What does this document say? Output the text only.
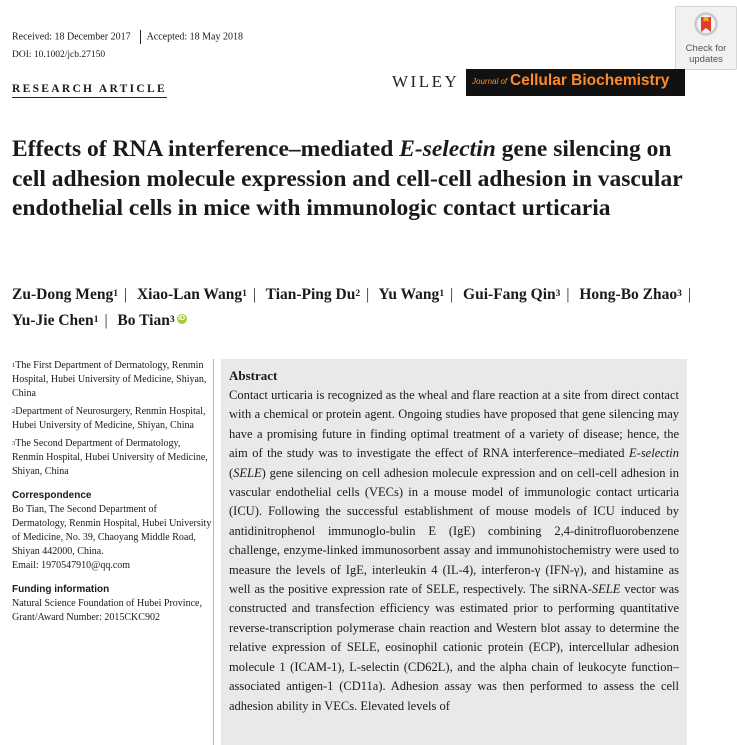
Received: 18 December 2017 Accepted: 18 May 2018
DOI: 10.1002/jcb.27150
Check for
updates
RESEARCH ARTICLE	WILEY Journal of Cellular Biochemistry
Effects of RNA interference–mediated E-selectin gene silencing on cell adhesion molecule expression and cell-cell adhesion in vascular endothelial cells in mice with immunologic contact urticaria
Zu-Dong Meng$^1$ | Xiao-Lan Wang$^1$ | Tian-Ping Du$^2$ | Yu Wang$^1$ | Gui-Fang Qin$^3$ | Hong-Bo Zhao$^3$ | Yu-Jie Chen$^1$ | Bo Tian$^3$ iD
$^1$The First Department of Dermatology, Renmin Hospital, Hubei University of Medicine, Shiyan, China
$^2$Department of Neurosurgery, Renmin Hospital, Hubei University of Medicine, Shiyan, China
$^3$The Second Department of Dermatology, Renmin Hospital, Hubei University of Medicine, Shiyan, China
Correspondence
Bo Tian, The Second Department of Dermatology, Renmin Hospital, Hubei University of Medicine, No. 39, Chaoyang Middle Road, Shiyan 442000, China.
Email: 1970547910@qq.com
Funding information
Natural Science Foundation of Hubei Province, Grant/Award Number: 2015CKC902
Abstract
Contact urticaria is recognized as the wheal and flare reaction at a site from direct contact with a chemical or protein agent. Ongoing studies have proposed that gene silencing may have a promising future in finding optimal treatment of a variety of disease; hence, the aim of the study was to investigate the effect of RNA interference–mediated E-selectin (SELE) gene silencing on cell adhesion molecule expression and on cell-cell adhesion in vascular endothelial cells (VECs) in a mouse model of immunologic contact urticaria (ICU). Following the successful establishment of mouse models of ICU induced by antidinitrophenol immunoglo-bulin E (IgE) combining 2,4-dinitrofluorobenzene challenge, enzyme-linked immunosorbent assay and immunohistochemistry were used to measure the levels of IgE, interleukin 4 (IL-4), interferon-γ (IFN-γ), and histamine as well as the positive expression rate of SELE, respectively. The siRNA-SELE vector was constructed and transfection efficiency was estimated prior to performing quantitative reverse-transcription polymerase chain reaction and Western blot assay to determine the relative expression of SELE, eosinophil cationic protein (ECP), intercellular adhesion molecule 1 (ICAM-1), L-selectin (CD62L), and the alpha chain of leukocyte function–associated antigen-1 (CD11a). Adhesion assay was then performed to assess the cell adhesion ability in VECs. Elevated levels of
